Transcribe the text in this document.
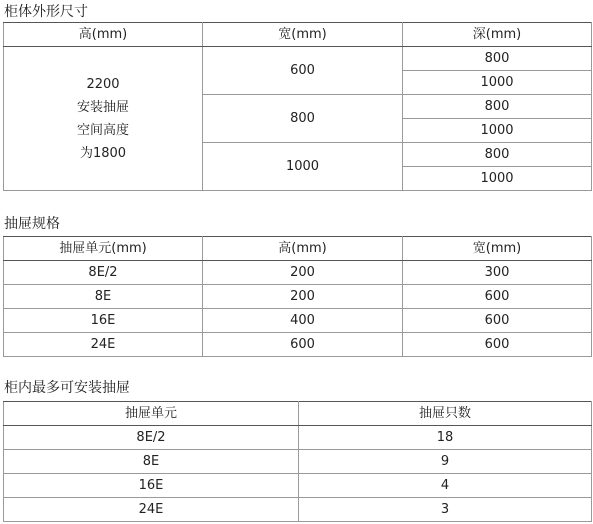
柜体外形尺寸
高(mm)	宽(mm)	深(mm)

2200
安装抽屉
空间高度
为1800	600	800
		1000
	800	800
		1000
	1000	800
		1000
抽屉规格
抽屉单元(mm)	高(mm)	宽(mm)
8E/2	200	300
8E	200	600
16E	400	600
24E	600	600
柜内最多可安装抽屉
抽屉单元	抽屉只数
8E/2	18
8E	9
16E	4
24E	3
